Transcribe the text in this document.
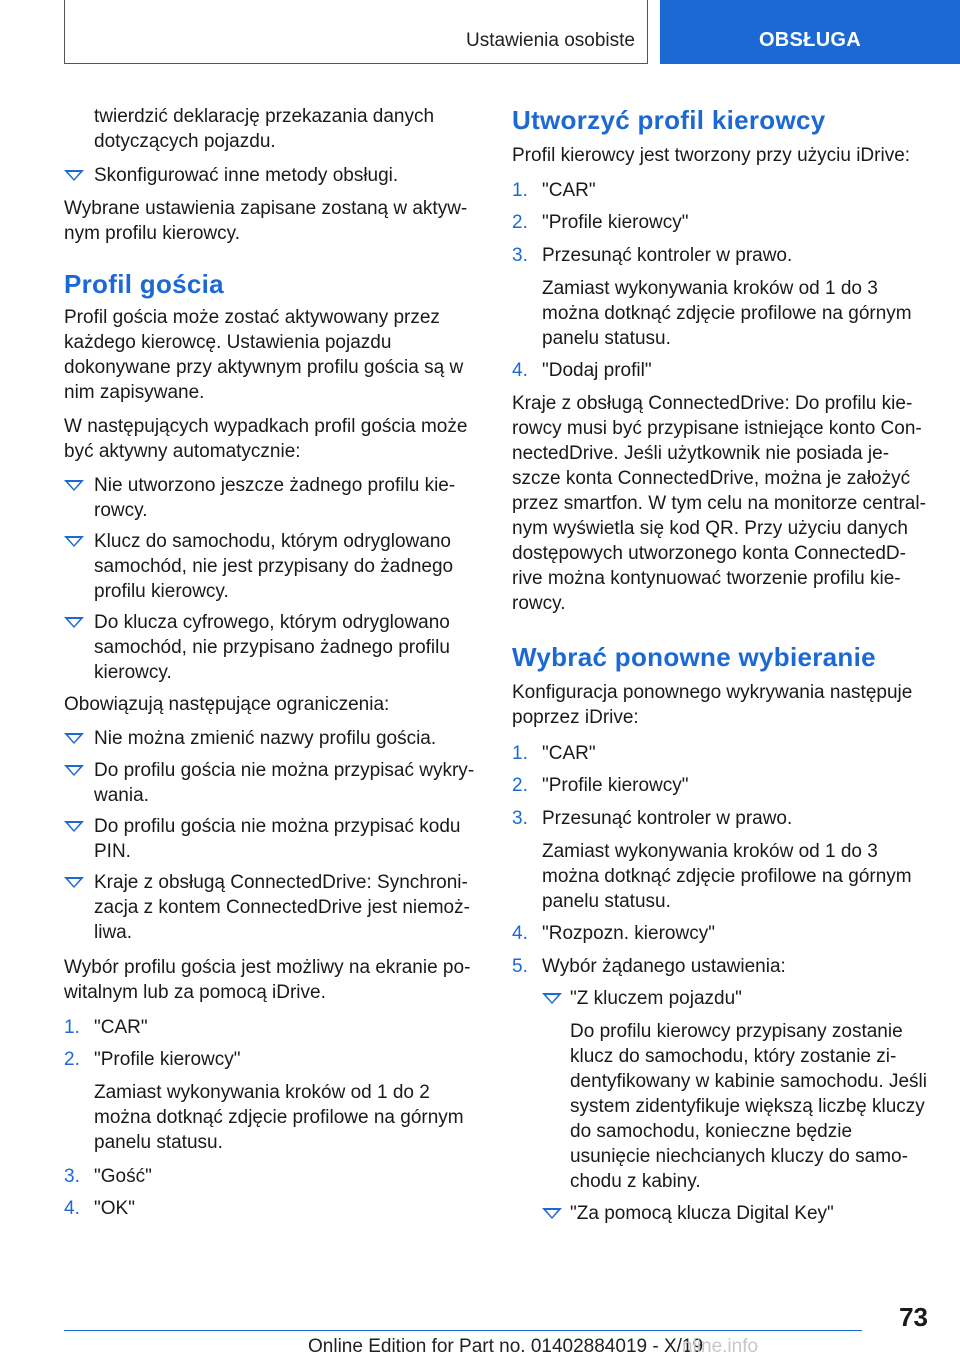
Ustawienia osobiste	OBSŁUGA
twierdzić deklarację przekazania danych dotyczących pojazdu.
Skonfigurować inne metody obsługi.
Wybrane ustawienia zapisane zostaną w aktywnym profilu kierowcy.
Profil gościa
Profil gościa może zostać aktywowany przez każdego kierowcę. Ustawienia pojazdu dokonywane przy aktywnym profilu gościa są w nim zapisywane.
W następujących wypadkach profil gościa może być aktywny automatycznie:
Nie utworzono jeszcze żadnego profilu kierowcy.
Klucz do samochodu, którym odryglowano samochód, nie jest przypisany do żadnego profilu kierowcy.
Do klucza cyfrowego, którym odryglowano samochód, nie przypisano żadnego profilu kierowcy.
Obowiązują następujące ograniczenia:
Nie można zmienić nazwy profilu gościa.
Do profilu gościa nie można przypisać wykrywania.
Do profilu gościa nie można przypisać kodu PIN.
Kraje z obsługą ConnectedDrive: Synchronizacja z kontem ConnectedDrive jest niemożliwa.
Wybór profilu gościa jest możliwy na ekranie powitalnym lub za pomocą iDrive.
1. "CAR"
2. "Profile kierowcy"
Zamiast wykonywania kroków od 1 do 2 można dotknąć zdjęcie profilowe na górnym panelu statusu.
3. "Gość"
4. "OK"
Utworzyć profil kierowcy
Profil kierowcy jest tworzony przy użyciu iDrive:
1. "CAR"
2. "Profile kierowcy"
3. Przesunąć kontroler w prawo.
Zamiast wykonywania kroków od 1 do 3 można dotknąć zdjęcie profilowe na górnym panelu statusu.
4. "Dodaj profil"
Kraje z obsługą ConnectedDrive: Do profilu kierowcy musi być przypisane istniejące konto ConnectedDrive. Jeśli użytkownik nie posiada jeszcze konta ConnectedDrive, można je założyć przez smartfon. W tym celu na monitorze centralnym wyświetla się kod QR. Przy użyciu danych dostępowych utworzonego konta ConnectedDrive można kontynuować tworzenie profilu kierowcy.
Wybrać ponowne wybieranie
Konfiguracja ponownego wykrywania następuje poprzez iDrive:
1. "CAR"
2. "Profile kierowcy"
3. Przesunąć kontroler w prawo.
Zamiast wykonywania kroków od 1 do 3 można dotknąć zdjęcie profilowe na górnym panelu statusu.
4. "Rozpozn. kierowcy"
5. Wybór żądanego ustawienia:
"Z kluczem pojazdu"
Do profilu kierowcy przypisany zostanie klucz do samochodu, który zostanie zidentyfikowany w kabinie samochodu. Jeśli system zidentyfikuje większą liczbę kluczy do samochodu, konieczne będzie usunięcie niechcianych kluczy do samochodu z kabiny.
"Za pomocą klucza Digital Key"
73
Online Edition for Part no. 01402884019 - X/19
nline.info
